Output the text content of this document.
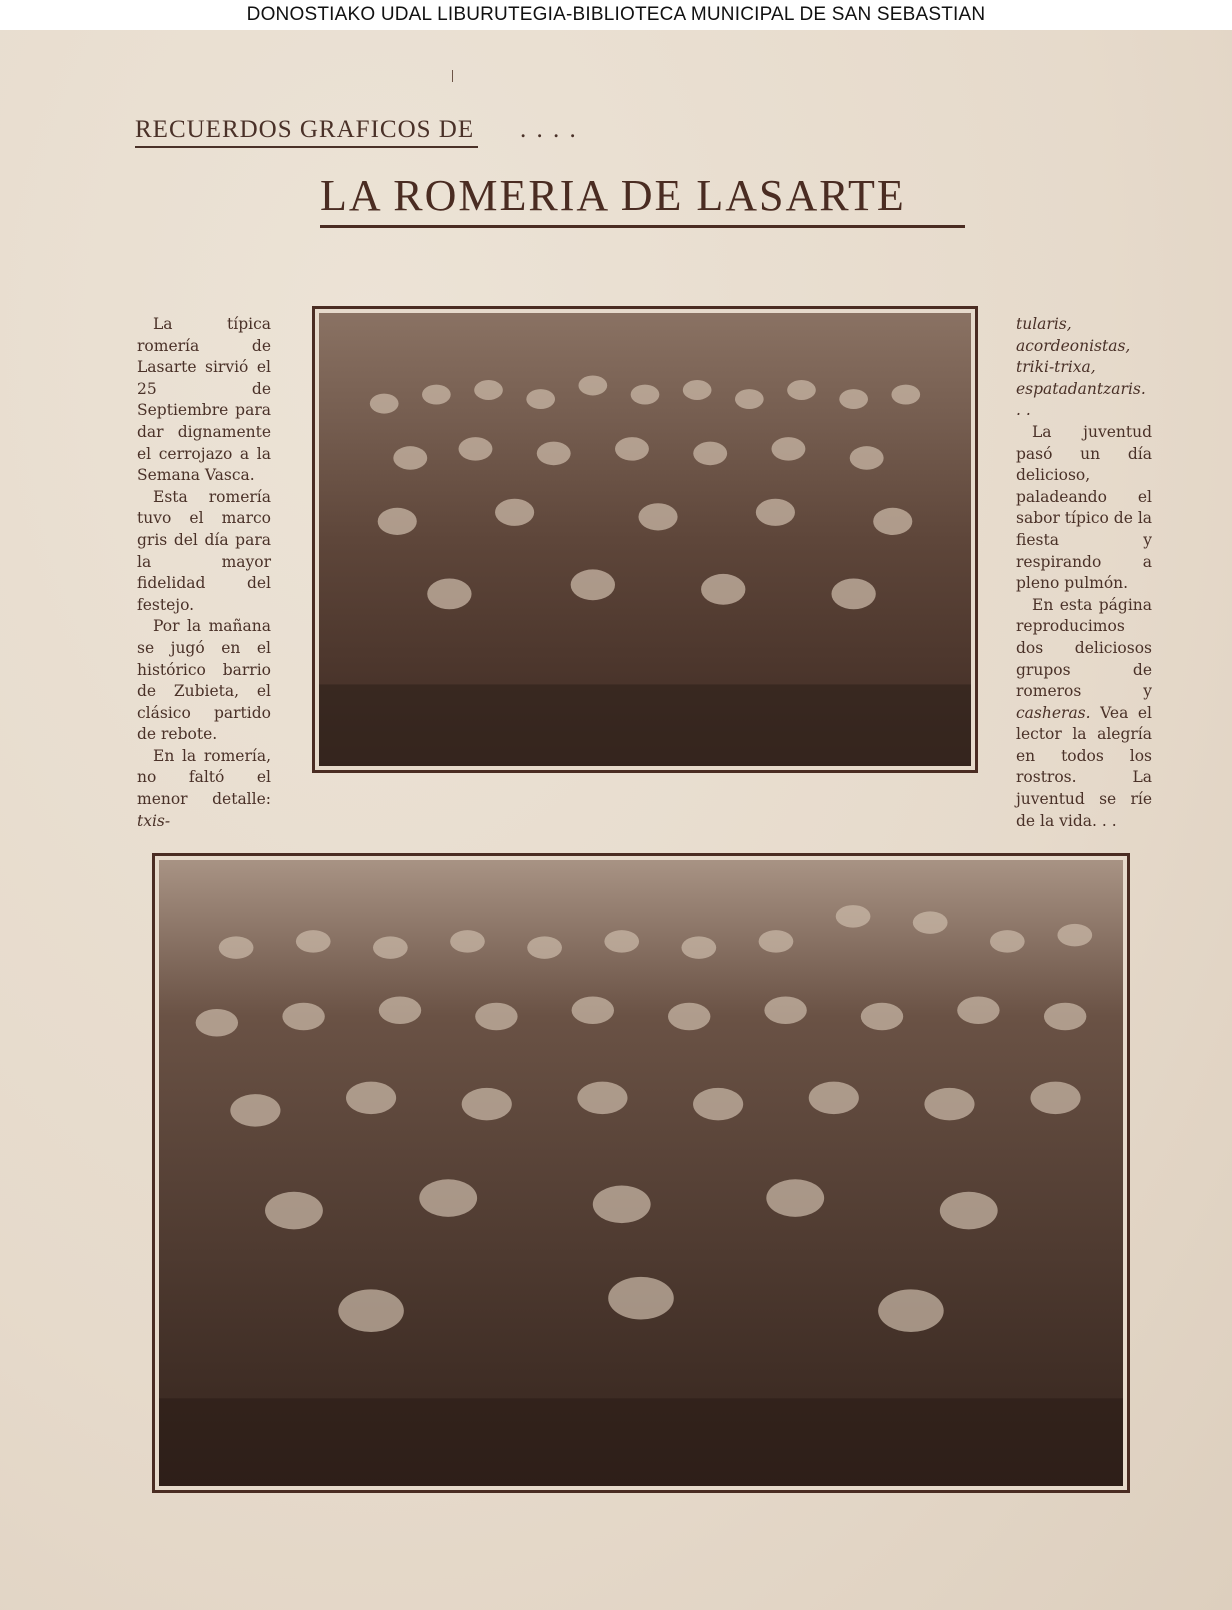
DONOSTIAKO UDAL LIBURUTEGIA-BIBLIOTECA MUNICIPAL DE SAN SEBASTIAN
RECUERDOS GRAFICOS DE . . . .
LA ROMERIA DE LASARTE

La típica romería de Lasarte sirvió el 25 de Septiembre para dar dignamente el cerrojazo a la Semana Vasca.

Esta romería tuvo el marco gris del día para la mayor fidelidad del festejo.

Por la mañana se jugó en el histórico barrio de Zubieta, el clásico partido de rebote.

En la romería, no faltó el menor detalle: txis-

tularis, acordeonistas, triki-trixa, espatadantzaris. . .

La juventud pasó un día delicioso, paladeando el sabor típico de la fiesta y respirando a pleno pulmón.

En esta página reproducimos dos deliciosos grupos de romeros y casheras. Vea el lector la alegría en todos los rostros. La juventud se ríe de la vida. . .
